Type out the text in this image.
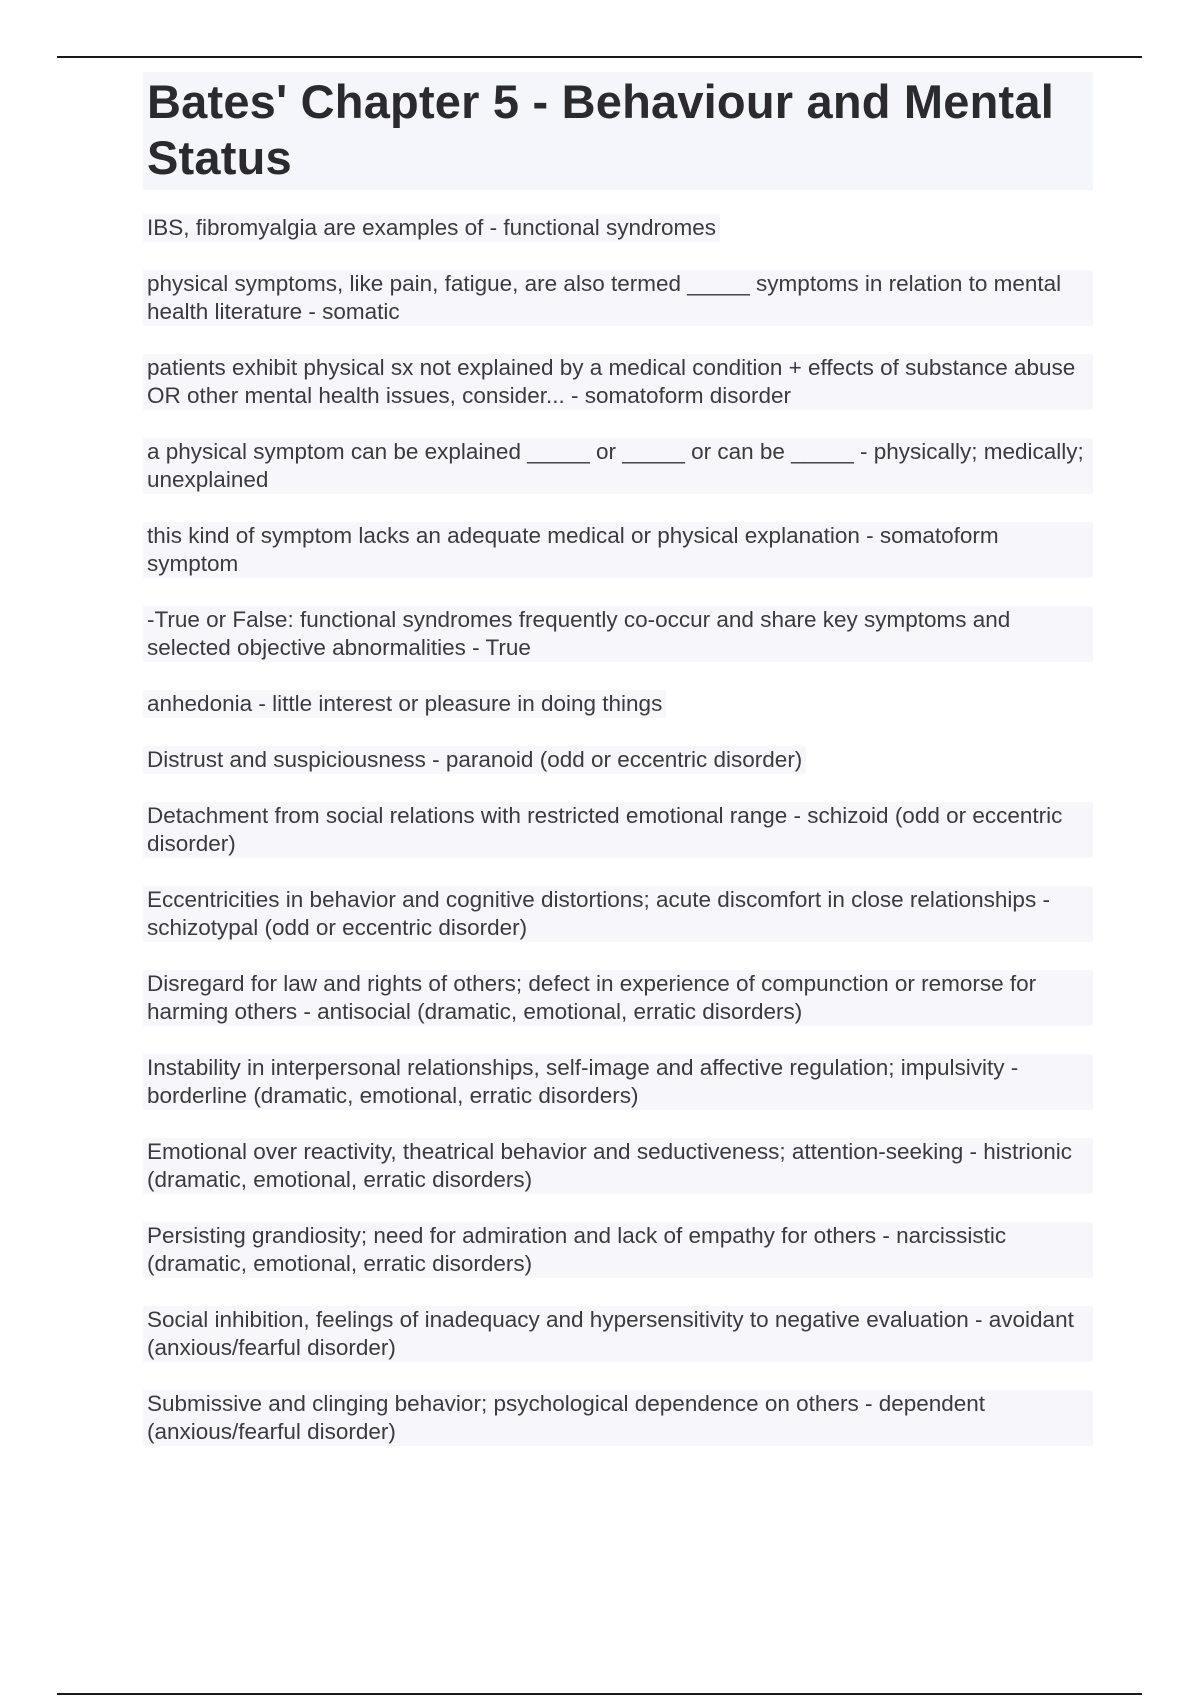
Bates' Chapter 5 - Behaviour and Mental Status
IBS, fibromyalgia are examples of - functional syndromes
physical symptoms, like pain, fatigue, are also termed _____ symptoms in relation to mental health literature - somatic
patients exhibit physical sx not explained by a medical condition + effects of substance abuse OR other mental health issues, consider... - somatoform disorder
a physical symptom can be explained _____ or _____ or can be _____ - physically; medically; unexplained
this kind of symptom lacks an adequate medical or physical explanation - somatoform symptom
-True or False: functional syndromes frequently co-occur and share key symptoms and selected objective abnormalities - True
anhedonia - little interest or pleasure in doing things
Distrust and suspiciousness - paranoid (odd or eccentric disorder)
Detachment from social relations with restricted emotional range - schizoid (odd or eccentric disorder)
Eccentricities in behavior and cognitive distortions; acute discomfort in close relationships - schizotypal (odd or eccentric disorder)
Disregard for law and rights of others; defect in experience of compunction or remorse for harming others - antisocial (dramatic, emotional, erratic disorders)
Instability in interpersonal relationships, self-image and affective regulation; impulsivity - borderline (dramatic, emotional, erratic disorders)
Emotional over reactivity, theatrical behavior and seductiveness; attention-seeking - histrionic (dramatic, emotional, erratic disorders)
Persisting grandiosity; need for admiration and lack of empathy for others - narcissistic (dramatic, emotional, erratic disorders)
Social inhibition, feelings of inadequacy and hypersensitivity to negative evaluation - avoidant (anxious/fearful disorder)
Submissive and clinging behavior; psychological dependence on others - dependent (anxious/fearful disorder)
